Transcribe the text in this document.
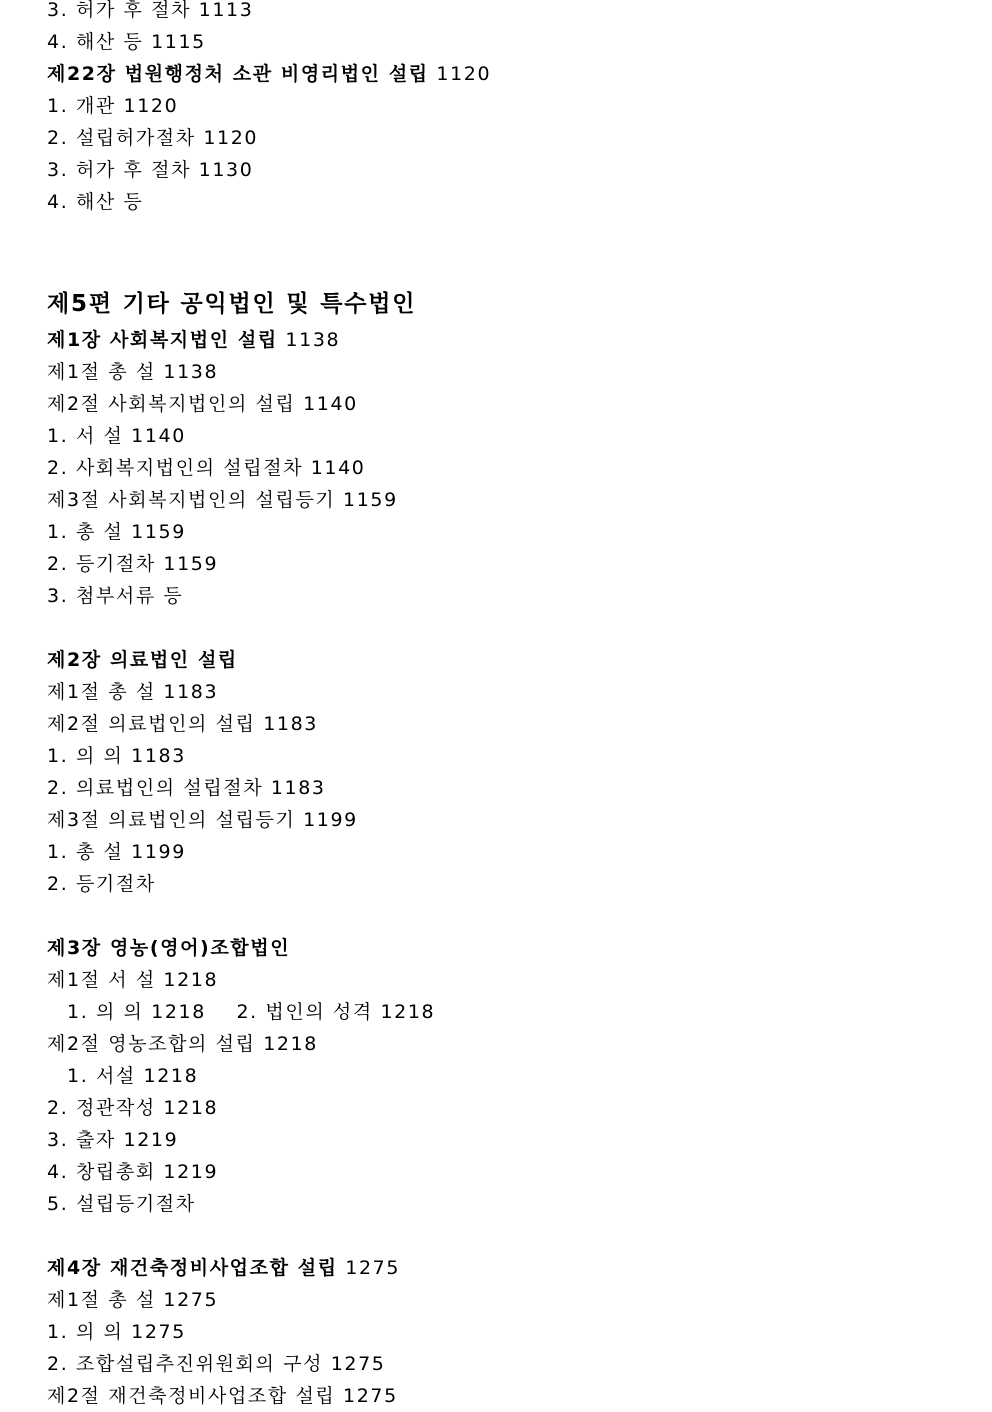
3. 허가 후 절차 1113
4. 해산 등 1115
제22장 법원행정처 소관 비영리법인 설립 1120
1. 개관 1120
2. 설립허가절차 1120
3. 허가 후 절차 1130
4. 해산 등
제5편 기타 공익법인 및 특수법인
제1장 사회복지법인 설립 1138
제1절 총 설 1138
제2절 사회복지법인의 설립 1140
1. 서 설 1140
2. 사회복지법인의 설립절차 1140
제3절 사회복지법인의 설립등기 1159
1. 총 설 1159
2. 등기절차 1159
3. 첨부서류 등
제2장 의료법인 설립
제1절 총 설 1183
제2절 의료법인의 설립 1183
1. 의 의 1183
2. 의료법인의 설립절차 1183
제3절 의료법인의 설립등기 1199
1. 총 설 1199
2. 등기절차
제3장 영농(영어)조합법인
제1절 서 설 1218
1. 의 의 1218    2. 법인의 성격 1218
제2절 영농조합의 설립 1218
1. 서설 1218
2. 정관작성 1218
3. 출자 1219
4. 창립총회 1219
5. 설립등기절차
제4장 재건축정비사업조합 설립 1275
제1절 총 설 1275
1. 의 의 1275
2. 조합설립추진위원회의 구성 1275
제2절 재건축정비사업조합 설립 1275
